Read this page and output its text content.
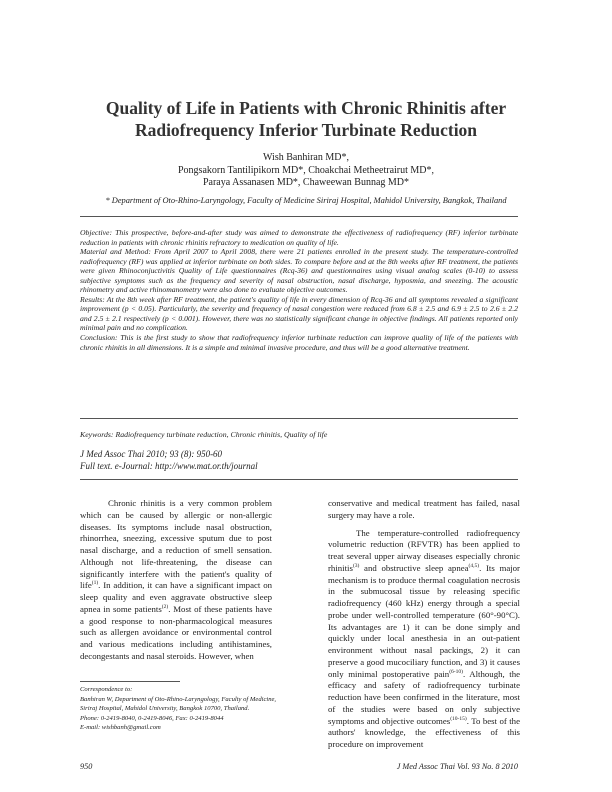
Quality of Life in Patients with Chronic Rhinitis after
Radiofrequency Inferior Turbinate Reduction
Wish Banhiran MD*,
Pongsakorn Tantilipikorn MD*, Choakchai Metheetrairut MD*,
Paraya Assanasen MD*, Chaweewan Bunnag MD*
* Department of Oto-Rhino-Laryngology, Faculty of Medicine Siriraj Hospital, Mahidol University, Bangkok, Thailand

Objective: This prospective, before-and-after study was aimed to demonstrate the effectiveness of radiofrequency (RF) inferior turbinate reduction in patients with chronic rhinitis refractory to medication on quality of life.

Material and Method: From April 2007 to April 2008, there were 21 patients enrolled in the present study. The temperature-controlled radiofrequency (RF) was applied at inferior turbinate on both sides. To compare before and at the 8th weeks after RF treatment, the patients were given Rhinoconjuctivitis Quality of Life questionnaires (Rcq-36) and questionnaires using visual analog scales (0-10) to assess subjective symptoms such as the frequency and severity of nasal obstruction, nasal discharge, hyposmia, and sneezing. The acoustic rhinometry and active rhinomanometry were also done to evaluate objective outcomes.

Results: At the 8th week after RF treatment, the patient's quality of life in every dimension of Rcq-36 and all symptoms revealed a significant improvement (p < 0.05). Particularly, the severity and frequency of nasal congestion were reduced from 6.8 ± 2.5 and 6.9 ± 2.5 to 2.6 ± 2.2 and 2.5 ± 2.1 respectively (p < 0.001). However, there was no statistically significant change in objective findings. All patients reported only minimal pain and no complication.

Conclusion: This is the first study to show that radiofrequency inferior turbinate reduction can improve quality of life of the patients with chronic rhinitis in all dimensions. It is a simple and minimal invasive procedure, and thus will be a good alternative treatment.

Keywords: Radiofrequency turbinate reduction, Chronic rhinitis, Quality of life
J Med Assoc Thai 2010; 93 (8): 950-60
Full text. e-Journal: http://www.mat.or.th/journal

Chronic rhinitis is a very common problem which can be caused by allergic or non-allergic diseases. Its symptoms include nasal obstruction, rhinorrhea, sneezing, excessive sputum due to post nasal discharge, and a reduction of smell sensation. Although not life-threatening, the disease can significantly interfere with the patient's quality of life$^{(1)}$. In addition, it can have a significant impact on sleep quality and even aggravate obstructive sleep apnea in some patients$^{(2)}$. Most of these patients have a good response to non-pharmacological measures such as allergen avoidance or environmental control and various medications including antihistamines, decongestants and nasal steroids. However, when

conservative and medical treatment has failed, nasal surgery may have a role.

The temperature-controlled radiofrequency volumetric reduction (RFVTR) has been applied to treat several upper airway diseases especially chronic rhinitis$^{(3)}$ and obstructive sleep apnea$^{(4,5)}$. Its major mechanism is to produce thermal coagulation necrosis in the submucosal tissue by releasing specific radiofrequency (460 kHz) energy through a special probe under well-controlled temperature (60°-90°C). Its advantages are 1) it can be done simply and quickly under local anesthesia in an out-patient environment without nasal packings, 2) it can preserve a good mucociliary function, and 3) it causes only minimal postoperative pain$^{(6-10)}$. Although, the efficacy and safety of radiofrequency turbinate reduction have been confirmed in the literature, most of the studies were based on only subjective symptoms and objective outcomes$^{(10-15)}$. To best of the authors' knowledge, the effectiveness of this procedure on improvement

Correspondence to:
Banhiran W, Department of Oto-Rhino-Laryngology, Faculty of Medicine, Siriraj Hospital, Mahidol University, Bangkok 10700, Thailand.
Phone: 0-2419-8040, 0-2419-8046, Fax: 0-2419-8044
E-mail: wishbanh@gmail.com
950	J Med Assoc Thai Vol. 93 No. 8 2010
